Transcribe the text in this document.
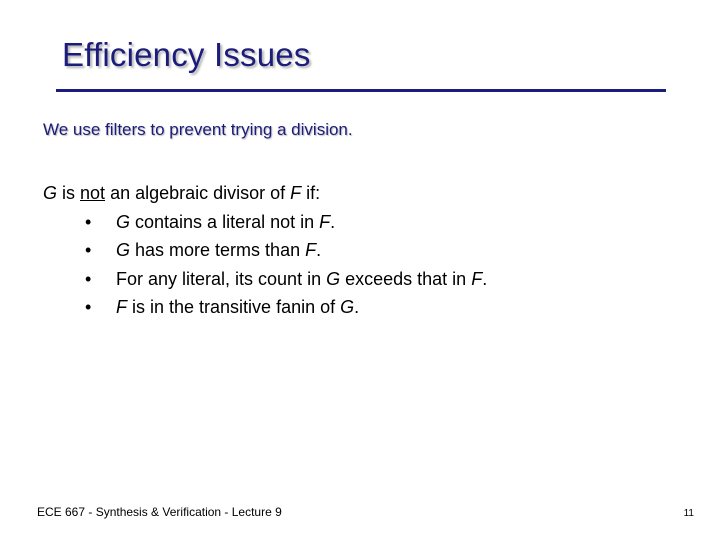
Efficiency Issues
We use filters to prevent trying a division.
G is not an algebraic divisor of F if:
• G contains a literal not in F.
• G has more terms than F.
• For any literal, its count in G exceeds that in F.
• F is in the transitive fanin of G.
ECE 667 - Synthesis & Verification - Lecture 9	11
